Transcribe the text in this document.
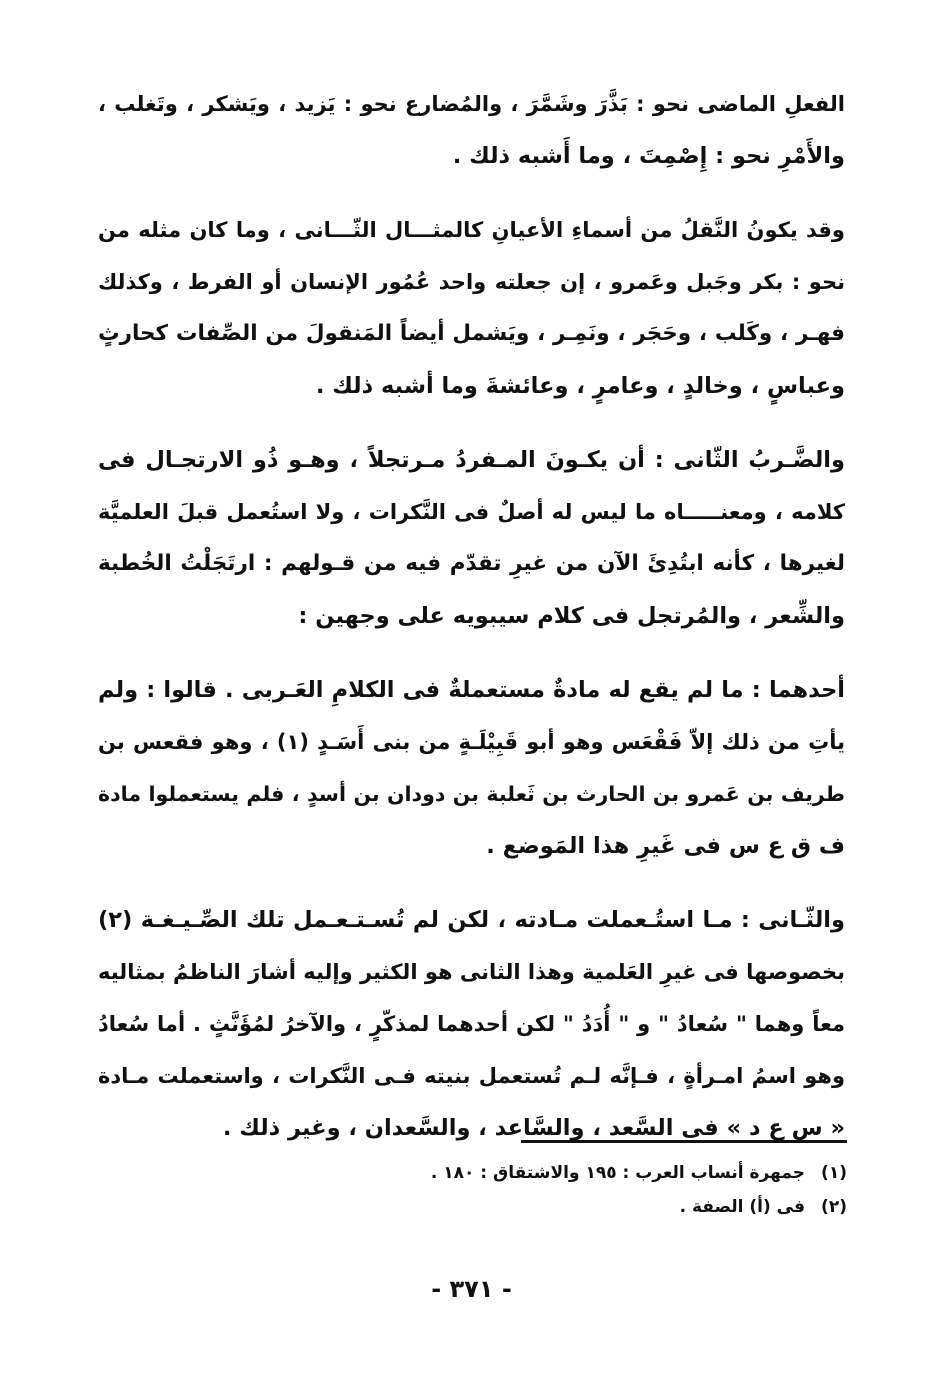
الفعلِ الماضى نحو : بَذَّرَ وشَمَّرَ ، والمُضارع نحو : يَزيد ، ويَشكر ، وتَغلب ،
والأَمْرِ نحو : إِصْمِتَ ، وما أَشبه ذلك .

وقد يكونُ النَّقلُ من أسماءِ الأعيانِ كالمثـــال الثّـــانى ، وما كان مثله من
نحو : بكر وجَبل وعَمرو ، إن جعلته واحد عُمُور الإنسان أو الفرط ، وكذلك
فهـر ، وكَلب ، وحَجَر ، ونَمِـر ، ويَشمل أيضاً المَنقولَ من الصِّفات كحارثٍ
وعباسٍ ، وخالدٍ ، وعامرٍ ، وعائشةَ وما أشبه ذلك .

والضَّـربُ الثّانى : أن يكـونَ المـفردُ مـرتجلاً ، وهـو ذُو الارتجـال فى
كلامه ، ومعنـــــاه ما ليس له أصلٌ فى النَّكرات ، ولا استُعمل قبلَ العلميَّة
لغيرها ، كأنه ابتُدِئَ الآن من غيرِ تقدّم فيه من قـولهم : ارتَجَلْتُ الخُطبة
والشِّعر ، والمُرتجل فى كلام سيبويه على وجهين :

أحدهما : ما لم يقع له مادةٌ مستعملةٌ فى الكلامِ العَـربى . قالوا : ولم
يأتِ من ذلك إلاّ فَقْعَس وهو أبو قَبِيْلَـةٍ من بنى أَسَـدٍ (١) ، وهو فقعس بن
طريف بن عَمرو بن الحارث بن ثَعلبة بن دودان بن أسدٍ ، فلم يستعملوا مادة
ف ق ع س فى غَيرِ هذا المَوضع .

والثّـانى : مـا استُـعملت مـادته ، لكن لم تُسـتـعـمل تلك الصِّـيـغـة (٢)
بخصوصها فى غيرِ العَلمية وهذا الثانى هو الكثير وإليه أشارَ الناظمُ بمثاليه
معاً وهما " سُعادُ " و " أُدَدُ " لكن أحدهما لمذكّرٍ ، والآخرُ لمُؤَنَّثٍ . أما سُعادُ
وهو اسمُ امـرأةٍ ، فـإنَّه لـم تُستعمل بنيته فـى النَّكرات ، واستعملت مـادة
« س ع د » فى السَّعد ، والسَّاعد ، والسَّعدان ، وغير ذلك .

(١)جمهرة أنساب العرب : ١٩٥ والاشتقاق : ١٨٠ .
(٢)فى (أ) الصفة .
- ٣٧١ -
